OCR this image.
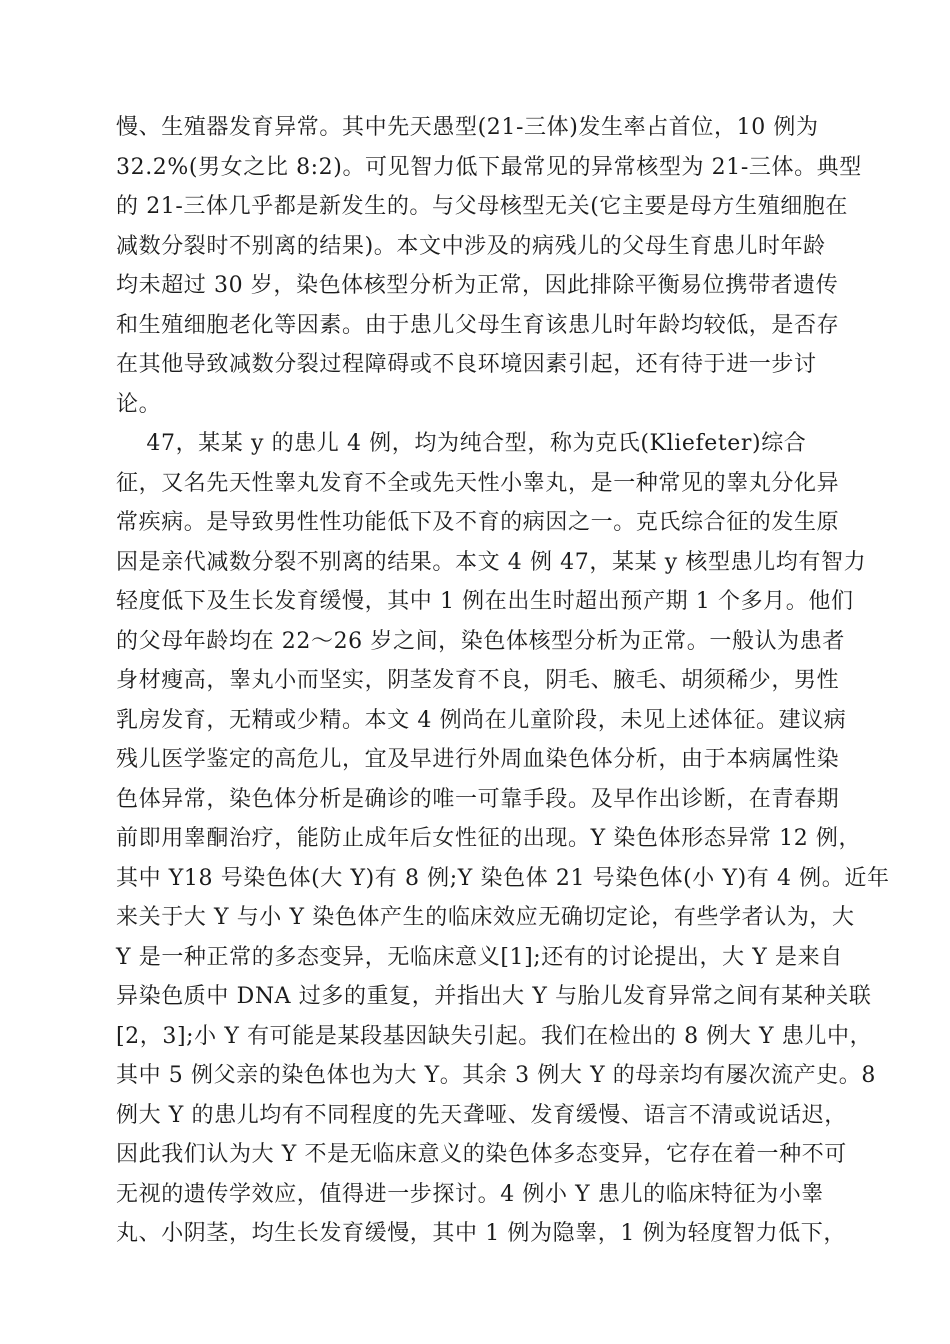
慢、生殖器发育异常。其中先天愚型(21-三体)发生率占首位，10 例为
32.2%(男女之比 8:2)。可见智力低下最常见的异常核型为 21-三体。典型
的 21-三体几乎都是新发生的。与父母核型无关(它主要是母方生殖细胞在
减数分裂时不别离的结果)。本文中涉及的病残儿的父母生育患儿时年龄
均未超过 30 岁，染色体核型分析为正常，因此排除平衡易位携带者遗传
和生殖细胞老化等因素。由于患儿父母生育该患儿时年龄均较低，是否存
在其他导致减数分裂过程障碍或不良环境因素引起，还有待于进一步讨
论。
47，某某 y 的患儿 4 例，均为纯合型，称为克氏(Kliefeter)综合
征，又名先天性睾丸发育不全或先天性小睾丸，是一种常见的睾丸分化异
常疾病。是导致男性性功能低下及不育的病因之一。克氏综合征的发生原
因是亲代减数分裂不别离的结果。本文 4 例 47，某某 y 核型患儿均有智力
轻度低下及生长发育缓慢，其中 1 例在出生时超出预产期 1 个多月。他们
的父母年龄均在 22～26 岁之间，染色体核型分析为正常。一般认为患者
身材瘦高，睾丸小而坚实，阴茎发育不良，阴毛、腋毛、胡须稀少，男性
乳房发育，无精或少精。本文 4 例尚在儿童阶段，未见上述体征。建议病
残儿医学鉴定的高危儿，宜及早进行外周血染色体分析，由于本病属性染
色体异常，染色体分析是确诊的唯一可靠手段。及早作出诊断，在青春期
前即用睾酮治疗，能防止成年后女性征的出现。Y 染色体形态异常 12 例，
其中 Y18 号染色体(大 Y)有 8 例;Y 染色体 21 号染色体(小 Y)有 4 例。近年
来关于大 Y 与小 Y 染色体产生的临床效应无确切定论，有些学者认为，大
Y 是一种正常的多态变异，无临床意义[1];还有的讨论提出，大 Y 是来自
异染色质中 DNA 过多的重复，并指出大 Y 与胎儿发育异常之间有某种关联
[2，3];小 Y 有可能是某段基因缺失引起。我们在检出的 8 例大 Y 患儿中，
其中 5 例父亲的染色体也为大 Y。其余 3 例大 Y 的母亲均有屡次流产史。8
例大 Y 的患儿均有不同程度的先天聋哑、发育缓慢、语言不清或说话迟，
因此我们认为大 Y 不是无临床意义的染色体多态变异，它存在着一种不可
无视的遗传学效应，值得进一步探讨。4 例小 Y 患儿的临床特征为小睾
丸、小阴茎，均生长发育缓慢，其中 1 例为隐睾，1 例为轻度智力低下，
